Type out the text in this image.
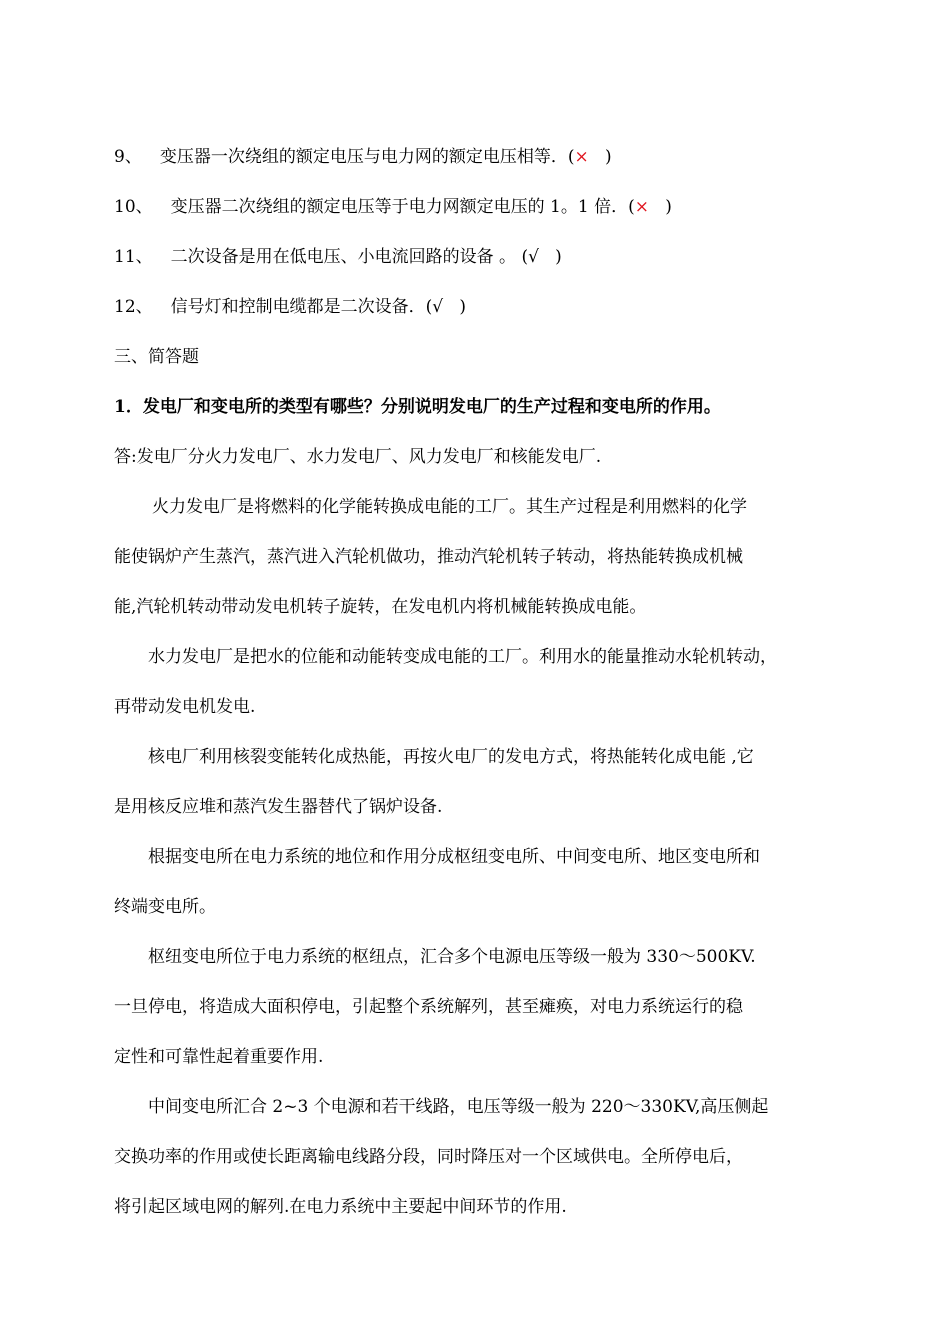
9、 变压器一次绕组的额定电压与电力网的额定电压相等．(× )
10、 变压器二次绕组的额定电压等于电力网额定电压的 1。1 倍．(× )
11、 二次设备是用在低电压、小电流回路的设备 。 (√ )
12、 信号灯和控制电缆都是二次设备．(√ )
三、简答题
1．发电厂和变电所的类型有哪些？分别说明发电厂的生产过程和变电所的作用。
答:发电厂分火力发电厂、水力发电厂、风力发电厂和核能发电厂.
火力发电厂是将燃料的化学能转换成电能的工厂。其生产过程是利用燃料的化学
能使锅炉产生蒸汽，蒸汽进入汽轮机做功，推动汽轮机转子转动，将热能转换成机械
能,汽轮机转动带动发电机转子旋转，在发电机内将机械能转换成电能。
水力发电厂是把水的位能和动能转变成电能的工厂。利用水的能量推动水轮机转动，
再带动发电机发电.
核电厂利用核裂变能转化成热能，再按火电厂的发电方式，将热能转化成电能 ,它
是用核反应堆和蒸汽发生器替代了锅炉设备.
根据变电所在电力系统的地位和作用分成枢纽变电所、中间变电所、地区变电所和
终端变电所。
枢纽变电所位于电力系统的枢纽点，汇合多个电源电压等级一般为 330～500KV.
一旦停电，将造成大面积停电，引起整个系统解列，甚至瘫痪，对电力系统运行的稳
定性和可靠性起着重要作用.
中间变电所汇合 2~3 个电源和若干线路，电压等级一般为 220～330KV,高压侧起
交换功率的作用或使长距离输电线路分段，同时降压对一个区域供电。全所停电后，
将引起区域电网的解列.在电力系统中主要起中间环节的作用.
